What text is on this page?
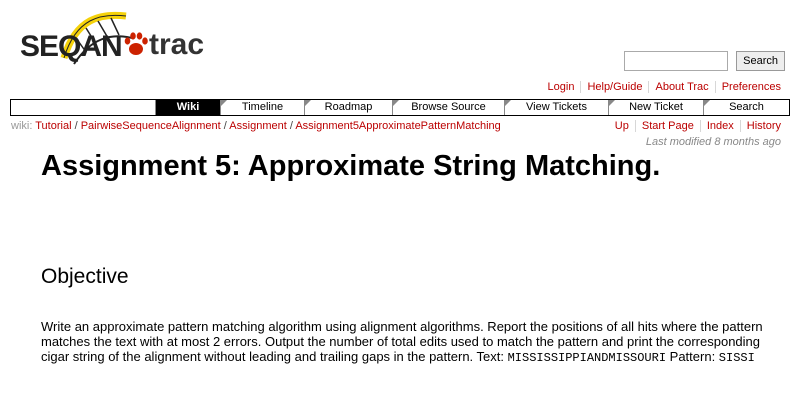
SEQAN trac	Search
Login	Help/Guide	About Trac	Preferences
Wiki	Timeline	Roadmap	Browse Source	View Tickets	New Ticket	Search
wiki: Tutorial / PairwiseSequenceAlignment / Assignment / Assignment5ApproximatePatternMatching	Up	Start Page	Index	History
Last modified 8 months ago
Assignment 5: Approximate String Matching.
Objective

Write an approximate pattern matching algorithm using alignment algorithms. Report the positions of all hits where the pattern matches the text with at most 2 errors. Output the number of total edits used to match the pattern and print the corresponding cigar string of the alignment without leading and trailing gaps in the pattern. Text: MISSISSIPPIANDMISSOURI Pattern: SISSI
